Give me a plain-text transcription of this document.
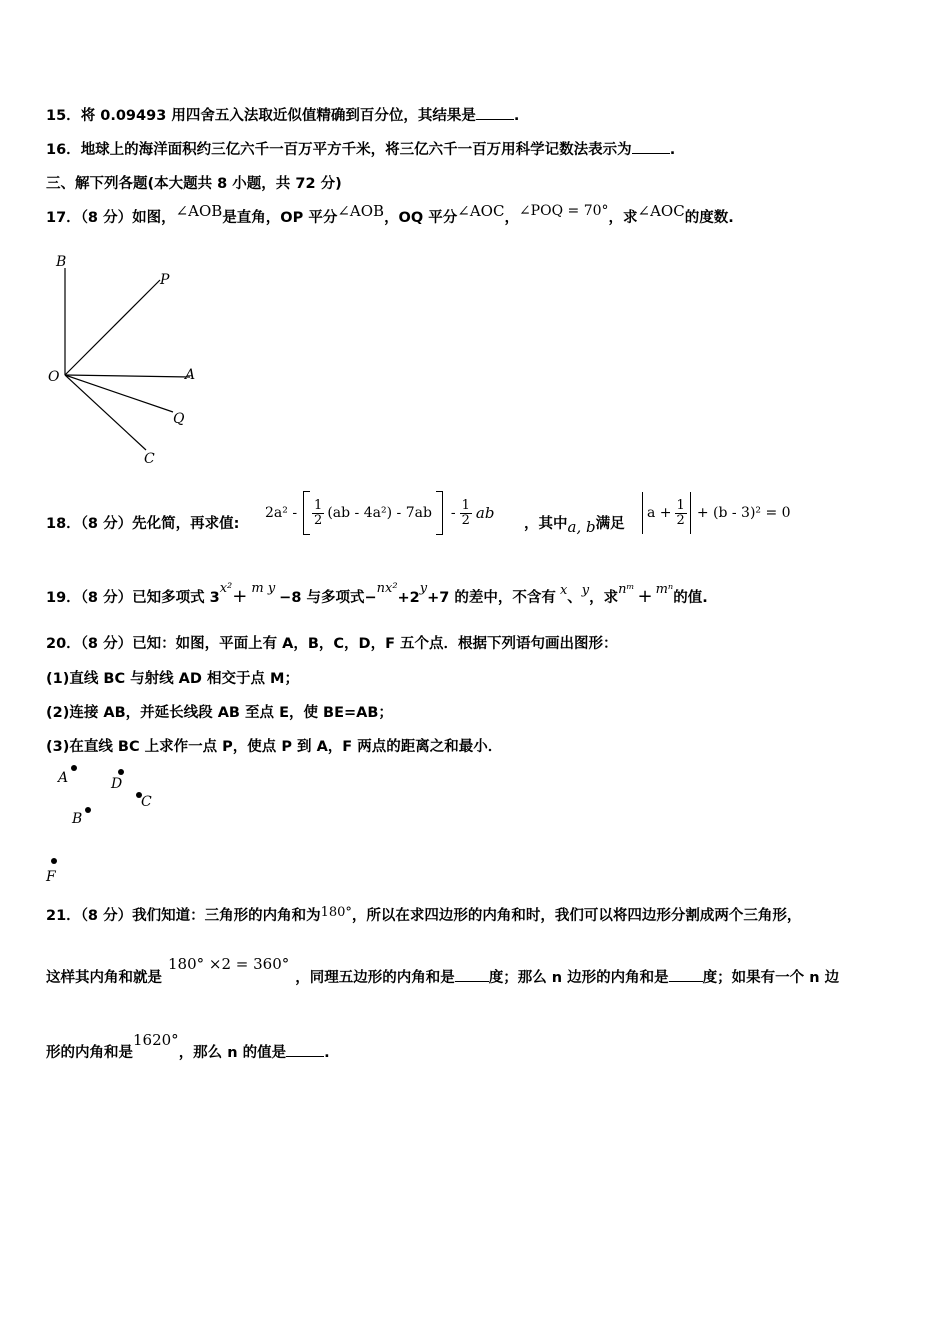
15．将 0.09493 用四舍五入法取近似值精确到百分位，其结果是	.
16．地球上的海洋面积约三亿六千一百万平方千米，将三亿六千一百万用科学记数法表示为	.
三、解下列各题(本大题共 8 小题，共 72 分)
17．（8 分）如图，∠AOB是直角，OP 平分∠AOB，OQ 平分∠AOC，∠POQ = 70°，求∠AOC的度数.
B
P
O	A
Q
C
18．（8 分）先化简，再求值:
$2a^2 - \frac{1}{2} (ab - 4a^2) - 7ab - \frac{1}{2}$ ab
，其中a, b满足
$a + \frac{1}{2} + (b - 3)^2 = 0$
19．（8 分）已知多项式 3x²+ m y−8 与多项式−nx²+2y+7 的差中，不含有 x、y，求nᵐ + mⁿ的值.
20．（8 分）已知：如图，平面上有 A，B，C，D，F 五个点．根据下列语句画出图形：
(1)直线 BC 与射线 AD 相交于点 M；
(2)连接 AB，并延长线段 AB 至点 E，使 BE=AB；
(3)在直线 BC 上求作一点 P，使点 P 到 A，F 两点的距离之和最小．
A	D
C
B
F
21．（8 分）我们知道：三角形的内角和为180°，所以在求四边形的内角和时，我们可以将四边形分割成两个三角形，
这样其内角和就是180° ×2 = 360°，同理五边形的内角和是 度；那么 n 边形的内角和是 度；如果有一个 n 边
形的内角和是1620°，那么 n 的值是	.
